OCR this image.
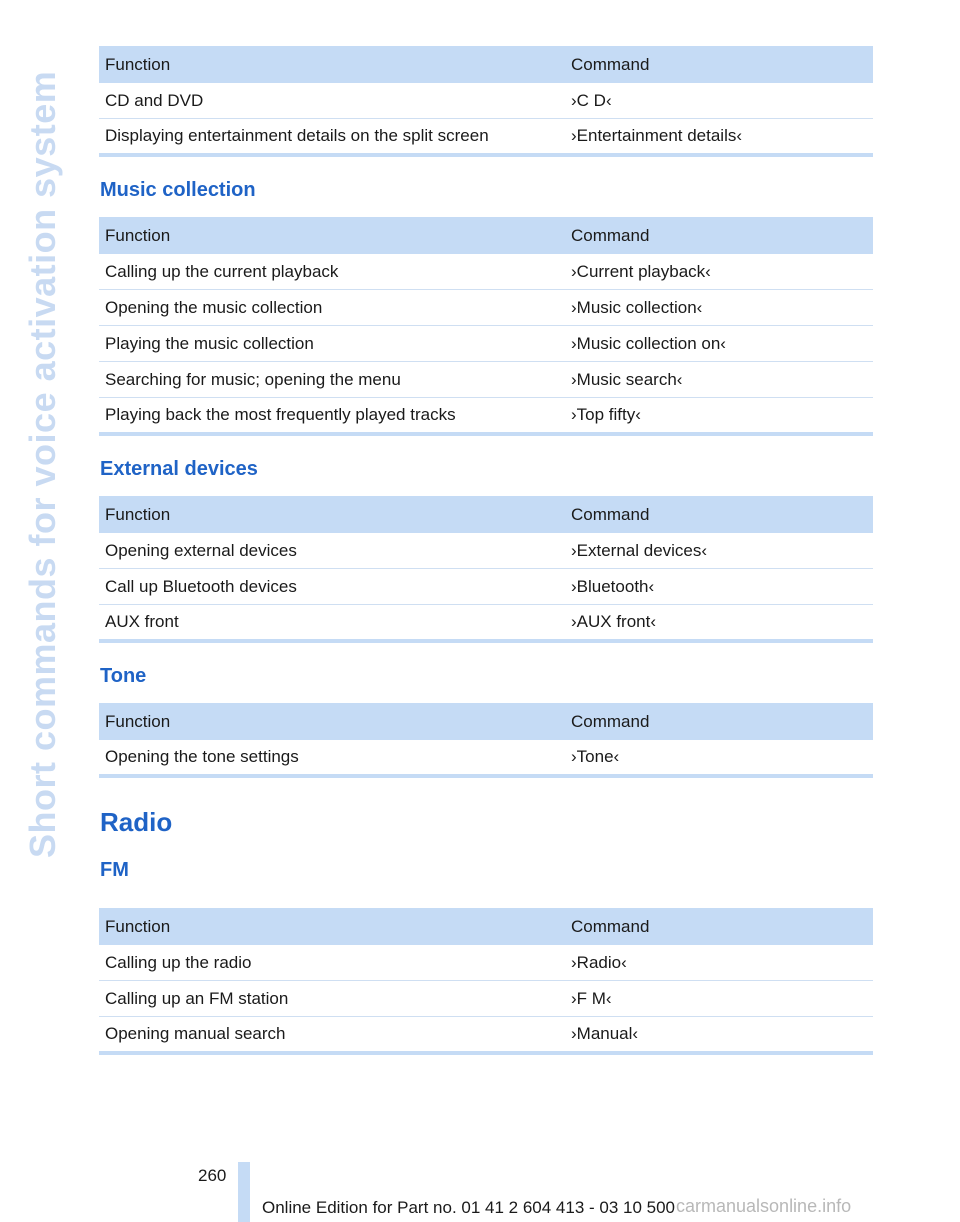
Short commands for voice activation system
Function	Command
CD and DVD	›C D‹
Displaying entertainment details on the split screen	›Entertainment details‹
Music collection
Function	Command
Calling up the current playback	›Current playback‹
Opening the music collection	›Music collection‹
Playing the music collection	›Music collection on‹
Searching for music; opening the menu	›Music search‹
Playing back the most frequently played tracks	›Top fifty‹
External devices
Function	Command
Opening external devices	›External devices‹
Call up Bluetooth devices	›Bluetooth‹
AUX front	›AUX front‹
Tone
Function	Command
Opening the tone settings	›Tone‹
Radio
FM
Function	Command
Calling up the radio	›Radio‹
Calling up an FM station	›F M‹
Opening manual search	›Manual‹
260
Online Edition for Part no. 01 41 2 604 413 - 03 10 500 carmanualsonline.info
